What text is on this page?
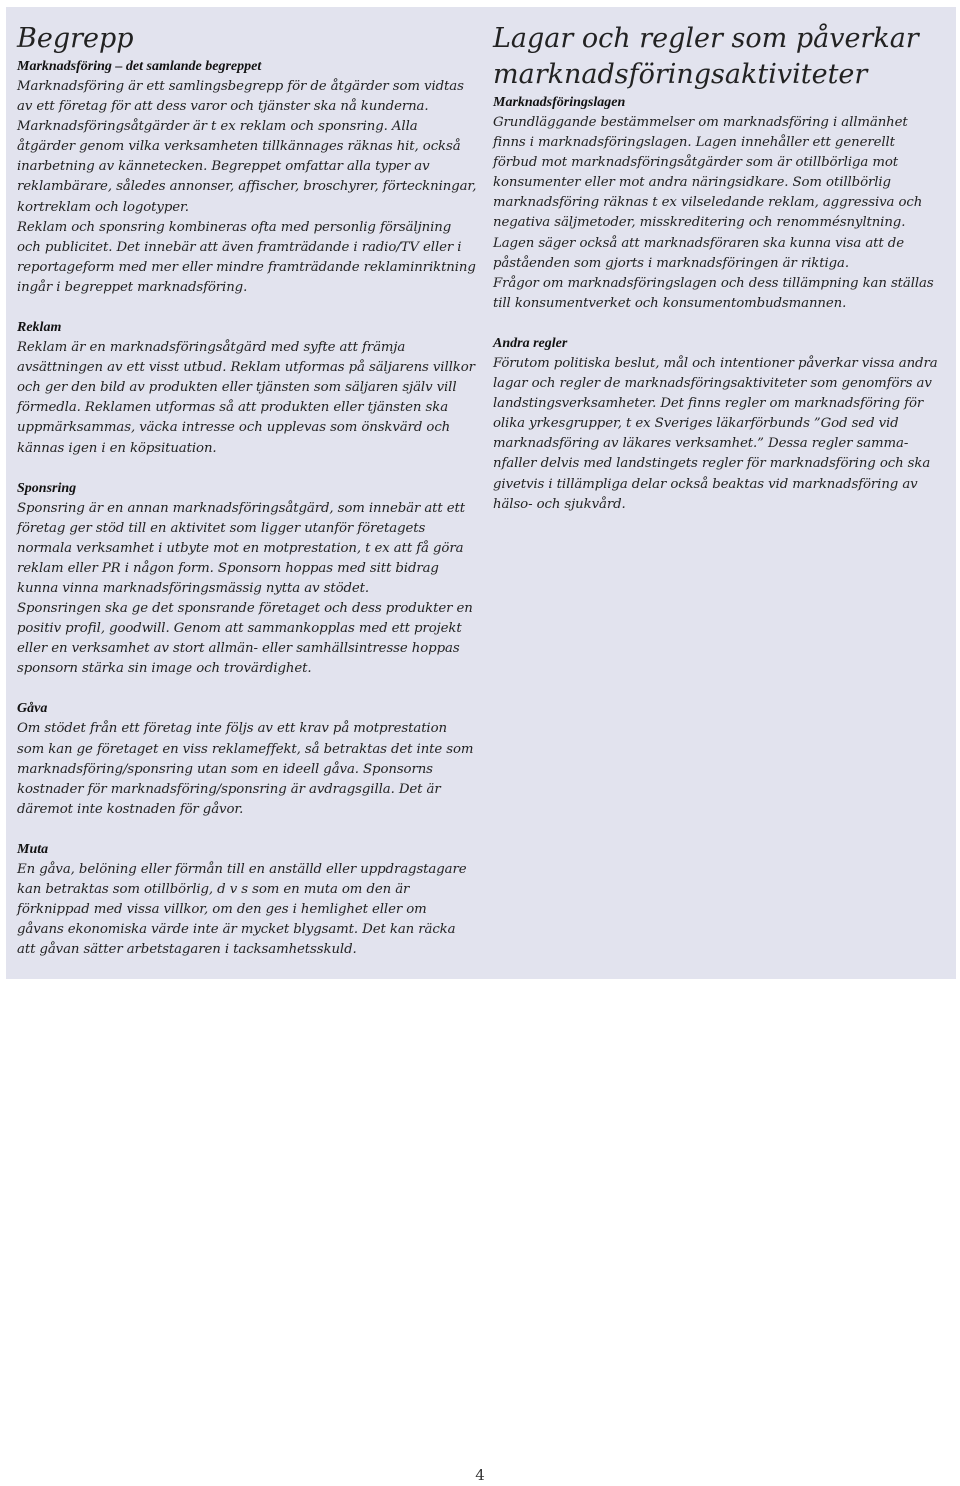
Begrepp
Marknadsföring – det samlande begreppet

Marknadsföring är ett samlingsbegrepp för de åtgärder som vidtas av ett företag för att dess varor och tjänster ska nå kunderna. Marknadsföringsåtgärder är t ex reklam och sponsring. Alla åtgärder genom vilka verksamheten tillkännages räknas hit, också inarbetning av kännetecken. Begreppet omfattar alla typer av reklambärare, således annonser, affischer, broschyrer, förteckningar, kortreklam och logotyper.

Reklam och sponsring kombineras ofta med personlig försäljning och publicitet. Det innebär att även framträdande i radio/TV eller i reportageform med mer eller mindre framträdande reklaminriktning ingår i begreppet marknadsföring.

Reklam

Reklam är en marknadsföringsåtgärd med syfte att främja avsättningen av ett visst utbud. Reklam utformas på säljarens villkor och ger den bild av produkten eller tjänsten som säljaren själv vill förmedla. Reklamen utformas så att produkten eller tjänsten ska uppmärksammas, väcka intresse och upplevas som önskvärd och kännas igen i en köpsituation.

Sponsring

Sponsring är en annan marknadsföringsåtgärd, som innebär att ett företag ger stöd till en aktivitet som ligger utanför företagets normala verksamhet i utbyte mot en motprestation, t ex att få göra reklam eller PR i någon form. Sponsorn hoppas med sitt bidrag kunna vinna marknadsföringsmässig nytta av stödet.

Sponsringen ska ge det sponsrande företaget och dess produkter en positiv profil, goodwill. Genom att sammankopplas med ett projekt eller en verksamhet av stort allmän- eller samhällsintresse hoppas sponsorn stärka sin image och trovärdighet.

Gåva

Om stödet från ett företag inte följs av ett krav på motprestation som kan ge företaget en viss reklameffekt, så betraktas det inte som marknadsföring/sponsring utan som en ideell gåva. Sponsorns kostnader för marknadsföring/sponsring är avdragsgilla. Det är däremot inte kostnaden för gåvor.

Muta

En gåva, belöning eller förmån till en anställd eller uppdragstagare kan betraktas som otillbörlig, d v s som en muta om den är förknippad med vissa villkor, om den ges i hemlighet eller om gåvans ekonomiska värde inte är mycket blygsamt. Det kan räcka att gåvan sätter arbetstagaren i tacksamhetsskuld.

Lagar och regler som påverkar marknadsföringsaktiviteter
Marknadsföringslagen

Grundläggande bestämmelser om marknadsföring i allmänhet finns i marknadsföringslagen. Lagen innehåller ett generellt förbud mot marknadsföringsåtgärder som är otillbörliga mot konsumenter eller mot andra näringsidkare. Som otillbörlig marknadsföring räknas t ex vilseledande reklam, aggressiva och negativa säljmetoder, misskreditering och renommésnyltning.

Lagen säger också att marknadsföraren ska kunna visa att de påståenden som gjorts i marknadsföringen är riktiga.

Frågor om marknadsföringslagen och dess tillämpning kan ställas till konsumentverket och konsumentombudsmannen.

Andra regler

Förutom politiska beslut, mål och intentioner påverkar vissa andra lagar och regler de marknadsföringsaktiviteter som genomförs av landstingsverksamheter. Det finns regler om marknadsföring för olika yrkesgrupper, t ex Sveriges läkarförbunds ”God sed vid marknadsföring av läkares verksamhet.” Dessa regler sammanfaller delvis med landstingets regler för marknadsföring och ska givetvis i tillämpliga delar också beaktas vid marknadsföring av hälso- och sjukvård.

4
